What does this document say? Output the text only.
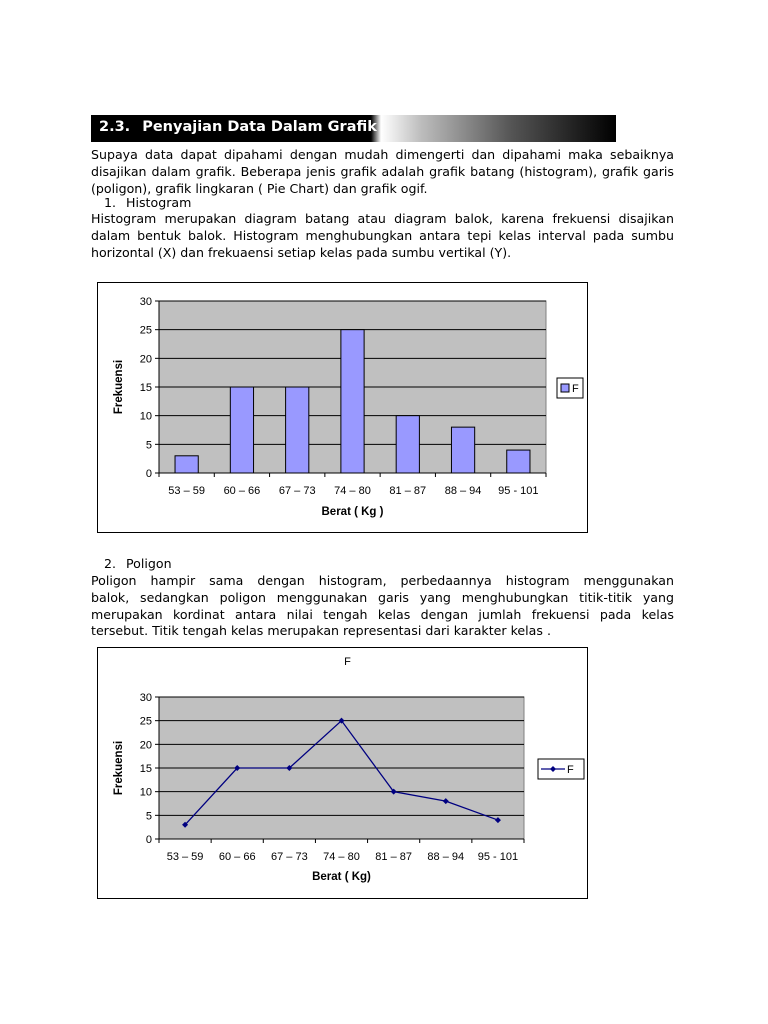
2.3. Penyajian Data Dalam Grafik

Supaya data dapat dipahami dengan mudah dimengerti dan dipahami maka sebaiknya
disajikan dalam grafik. Beberapa jenis grafik adalah grafik batang (histogram), grafik garis
(poligon), grafik lingkaran ( Pie Chart) dan grafik ogif.

1. Histogram

Histogram merupakan diagram batang atau diagram balok, karena frekuensi disajikan
dalam bentuk balok. Histogram menghubungkan antara tepi kelas interval pada sumbu
horizontal (X) dan frekuaensi setiap kelas pada sumbu vertikal (Y).

0
5
10
15
20
25
30
53 – 59 60 – 66 67 – 73 74 – 80 81 – 87 88 – 94 95 - 101
Berat ( Kg )
Frekuensi	F
2. Poligon

Poligon hampir sama dengan histogram, perbedaannya histogram menggunakan
balok, sedangkan poligon menggunakan garis yang menghubungkan titik-titik yang
merupakan kordinat antara nilai tengah kelas dengan jumlah frekuensi pada kelas
tersebut. Titik tengah kelas merupakan representasi dari karakter kelas .

F
0
5
10
15
20
25
30
53 – 59 60 – 66 67 – 73 74 – 80 81 – 87 88 – 94 95 - 101
Berat ( Kg)
Frekuensi	F
